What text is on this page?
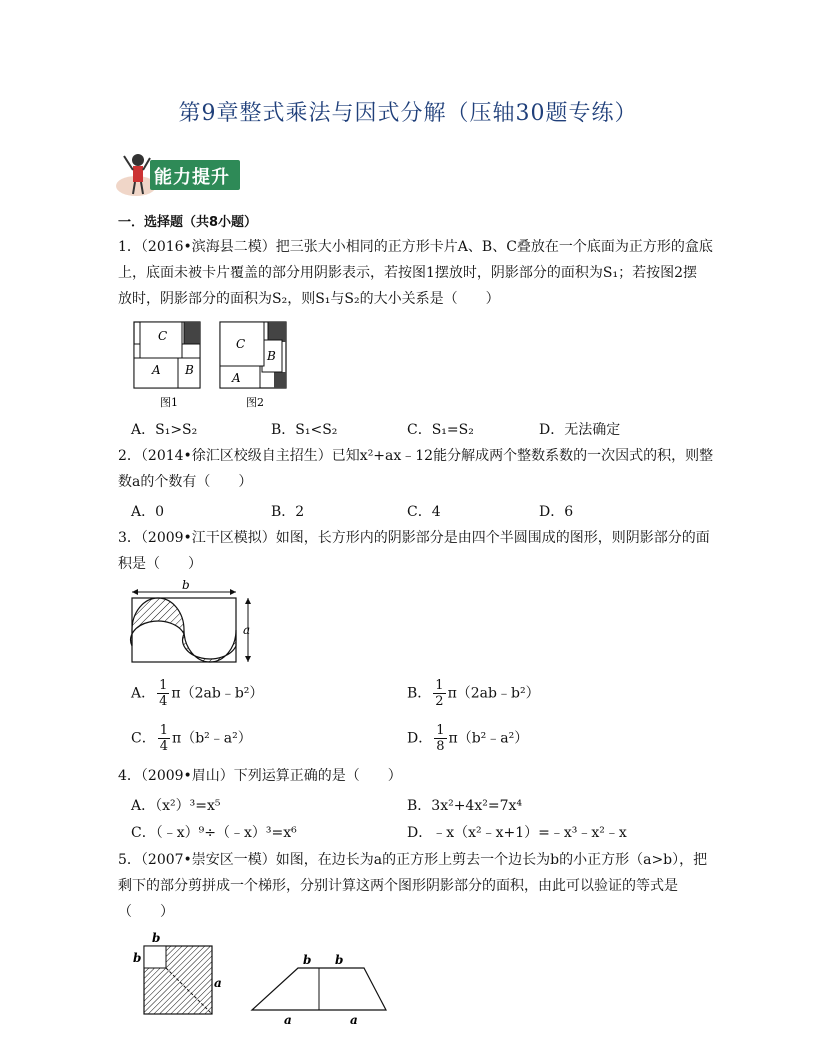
第9章整式乘法与因式分解（压轴30题专练）
能力提升
一．选择题（共8小题）
1．（2016•滨海县二模）把三张大小相同的正方形卡片A、B、C叠放在一个底面为正方形的盒底
上，底面未被卡片覆盖的部分用阴影表示，若按图1摆放时，阴影部分的面积为S₁；若按图2摆
放时，阴影部分的面积为S₂，则S₁与S₂的大小关系是（　　）
C
A B
图1
C
B
A
图2
A．S₁>S₂	B．S₁<S₂	C．S₁=S₂	D．无法确定
2．（2014•徐汇区校级自主招生）已知x²+ax﹣12能分解成两个整数系数的一次因式的积，则整
数a的个数有（　　）
A．0	B．2	C．4	D．6
3．（2009•江干区模拟）如图，长方形内的阴影部分是由四个半圆围成的图形，则阴影部分的面
积是（　　）
b
a
A． $\frac{1}{4}$ π（2ab﹣b²）	B． $\frac{1}{2}$ π（2ab﹣b²）
C． $\frac{1}{4}$ π（b²﹣a²）	D． $\frac{1}{8}$ π（b²﹣a²）
4．（2009•眉山）下列运算正确的是（　　）
A．（x²）³=x⁵	B．3x²+4x²=7x⁴
C．（﹣x）⁹÷（﹣x）³=x⁶	D．﹣x（x²﹣x+1）=﹣x³﹣x²﹣x
5．（2007•崇安区一模）如图，在边长为a的正方形上剪去一个边长为b的小正方形（a>b），把
剩下的部分剪拼成一个梯形，分别计算这两个图形阴影部分的面积，由此可以验证的等式是
（　　）
b
b
a
b b
a	a
